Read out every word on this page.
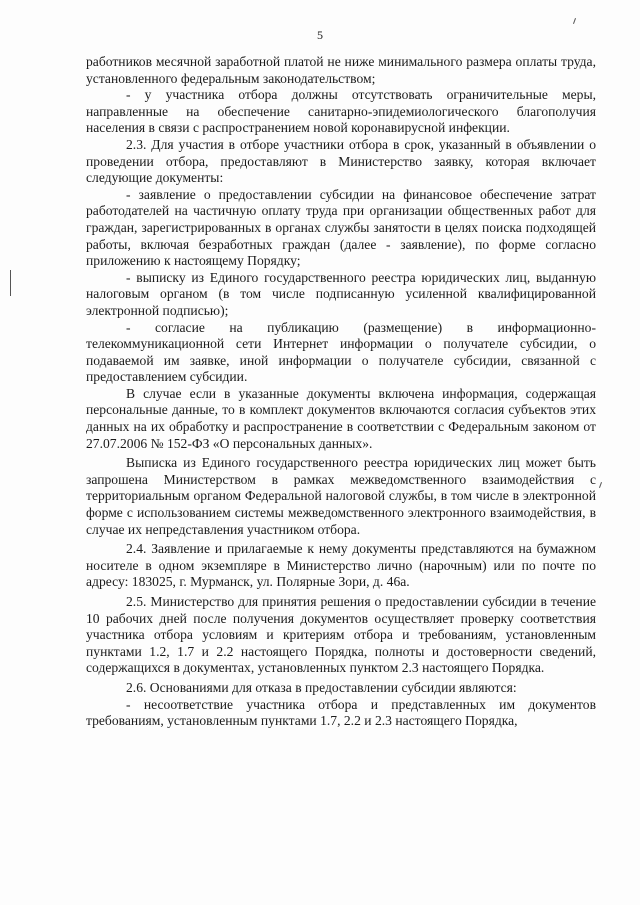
5

работников месячной заработной платой не ниже минимального размера оплаты труда, установленного федеральным законодательством;

- у участника отбора должны отсутствовать ограничительные меры, направленные на обеспечение санитарно-эпидемиологического благополучия населения в связи с распространением новой коронавирусной инфекции.

2.3. Для участия в отборе участники отбора в срок, указанный в объявлении о проведении отбора, предоставляют в Министерство заявку, которая включает следующие документы:

- заявление о предоставлении субсидии на финансовое обеспечение затрат работодателей на частичную оплату труда при организации общественных работ для граждан, зарегистрированных в органах службы занятости в целях поиска подходящей работы, включая безработных граждан (далее - заявление), по форме согласно приложению к настоящему Порядку;

- выписку из Единого государственного реестра юридических лиц, выданную налоговым органом (в том числе подписанную усиленной квалифицированной электронной подписью);

- согласие на публикацию (размещение) в информационно-телекоммуникационной сети Интернет информации о получателе субсидии, о подаваемой им заявке, иной информации о получателе субсидии, связанной с предоставлением субсидии.

В случае если в указанные документы включена информация, содержащая персональные данные, то в комплект документов включаются согласия субъектов этих данных на их обработку и распространение в соответствии с Федеральным законом от 27.07.2006 № 152-ФЗ «О персональных данных».

Выписка из Единого государственного реестра юридических лиц может быть запрошена Министерством в рамках межведомственного взаимодействия с территориальным органом Федеральной налоговой службы, в том числе в электронной форме с использованием системы межведомственного электронного взаимодействия, в случае их непредставления участником отбора.

2.4. Заявление и прилагаемые к нему документы представляются на бумажном носителе в одном экземпляре в Министерство лично (нарочным) или по почте по адресу: 183025, г. Мурманск, ул. Полярные Зори, д. 46а.

2.5. Министерство для принятия решения о предоставлении субсидии в течение 10 рабочих дней после получения документов осуществляет проверку соответствия участника отбора условиям и критериям отбора и требованиям, установленным пунктами 1.2, 1.7 и 2.2 настоящего Порядка, полноты и достоверности сведений, содержащихся в документах, установленных пунктом 2.3 настоящего Порядка.

2.6. Основаниями для отказа в предоставлении субсидии являются:

- несоответствие участника отбора и представленных им документов требованиям, установленным пунктами 1.7, 2.2 и 2.3 настоящего Порядка,
